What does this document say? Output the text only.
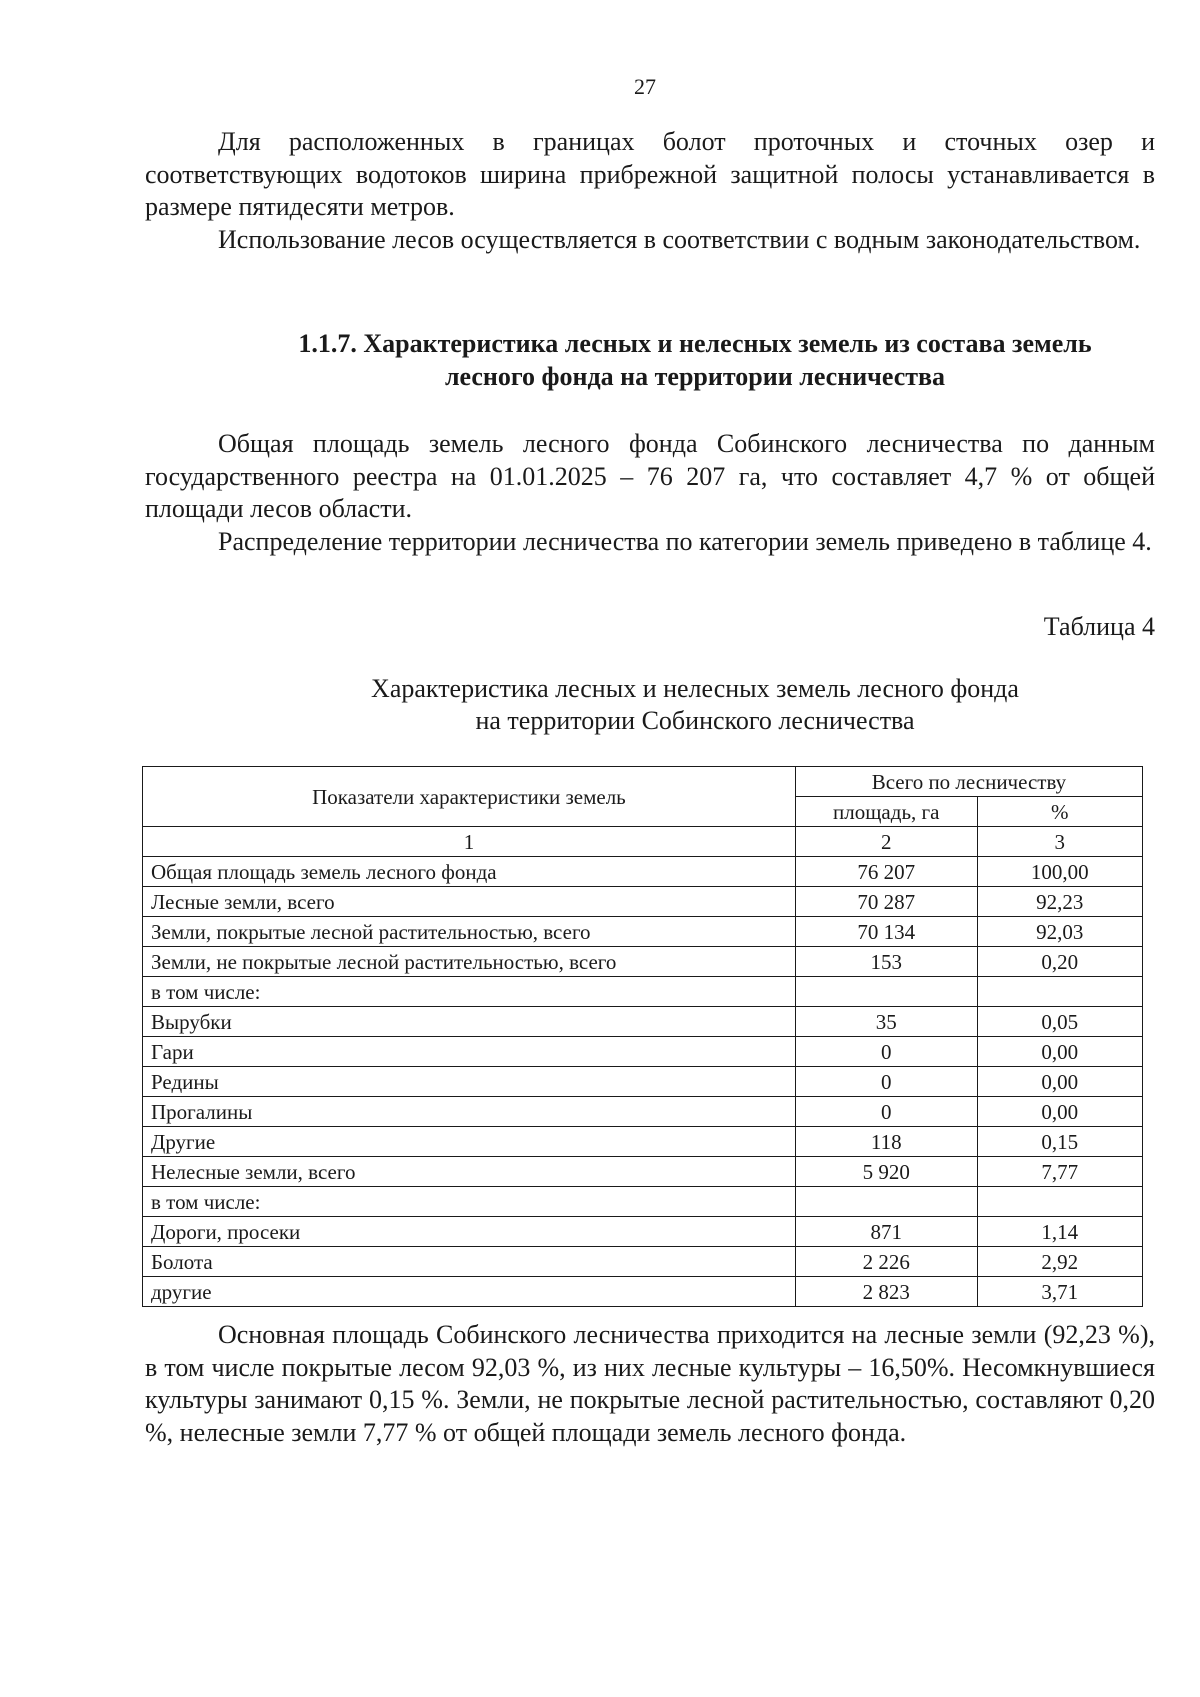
27

Для расположенных в границах болот проточных и сточных озер и соответствующих водотоков ширина прибрежной защитной полосы устанавливается в размере пятидесяти метров.

Использование лесов осуществляется в соответствии с водным законодательством.

1.1.7. Характеристика лесных и нелесных земель из состава земель
лесного фонда на территории лесничества

Общая площадь земель лесного фонда Собинского лесничества по данным государственного реестра на 01.01.2025 – 76 207 га, что составляет 4,7 % от общей площади лесов области.

Распределение территории лесничества по категории земель приведено в таблице 4.

Таблица 4
Характеристика лесных и нелесных земель лесного фонда
на территории Собинского лесничества
Показатели характеристики земель	Всего по лесничеству	
	площадь, га	%
1	2	3
Общая площадь земель лесного фонда	76 207	100,00
Лесные земли, всего	70 287	92,23
Земли, покрытые лесной растительностью, всего	70 134	92,03
Земли, не покрытые лесной растительностью, всего	153	0,20
в том числе:		
Вырубки	35	0,05
Гари	0	0,00
Редины	0	0,00
Прогалины	0	0,00
Другие	118	0,15
Нелесные земли, всего	5 920	7,77
в том числе:		
Дороги, просеки	871	1,14
Болота	2 226	2,92
другие	2 823	3,71

Основная площадь Собинского лесничества приходится на лесные земли (92,23 %), в том числе покрытые лесом 92,03 %, из них лесные культуры – 16,50%. Несомкнувшиеся культуры занимают 0,15 %. Земли, не покрытые лесной растительностью, составляют 0,20 %, нелесные земли 7,77 % от общей площади земель лесного фонда.
